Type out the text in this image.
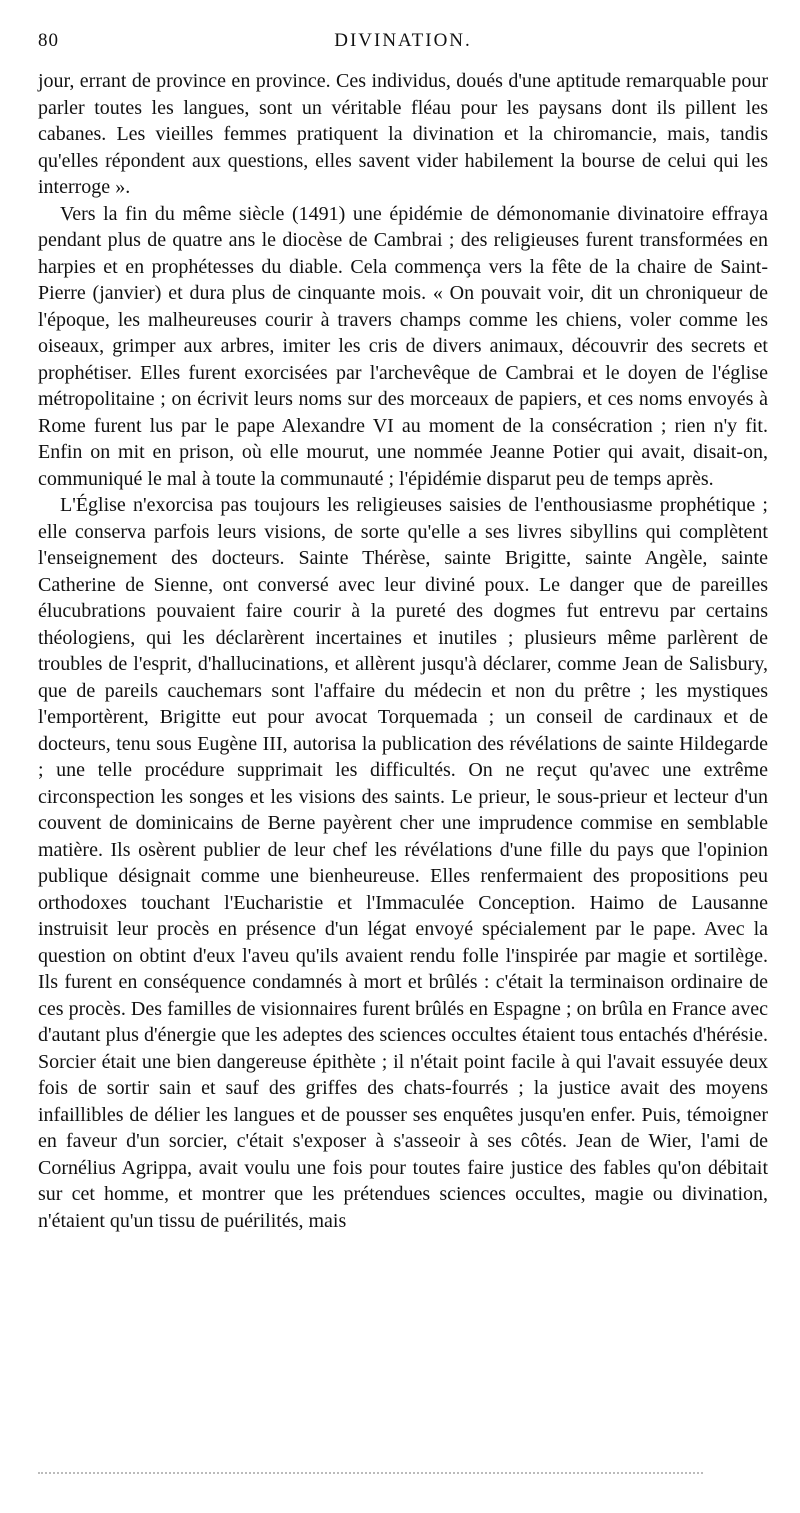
80	DIVINATION.

jour, errant de province en province. Ces individus, doués d'une aptitude remarquable pour parler toutes les langues, sont un véritable fléau pour les paysans dont ils pillent les cabanes. Les vieilles femmes pratiquent la divination et la chiromancie, mais, tandis qu'elles répondent aux questions, elles savent vider habilement la bourse de celui qui les interroge ».

Vers la fin du même siècle (1491) une épidémie de démonomanie divinatoire effraya pendant plus de quatre ans le diocèse de Cambrai ; des religieuses furent transformées en harpies et en prophétesses du diable. Cela commença vers la fête de la chaire de Saint-Pierre (janvier) et dura plus de cinquante mois. « On pouvait voir, dit un chroniqueur de l'époque, les malheureuses courir à travers champs comme les chiens, voler comme les oiseaux, grimper aux arbres, imiter les cris de divers animaux, découvrir des secrets et prophétiser. Elles furent exorcisées par l'archevêque de Cambrai et le doyen de l'église métropolitaine ; on écrivit leurs noms sur des morceaux de papiers, et ces noms envoyés à Rome furent lus par le pape Alexandre VI au moment de la consécration ; rien n'y fit. Enfin on mit en prison, où elle mourut, une nommée Jeanne Potier qui avait, disait-on, communiqué le mal à toute la communauté ; l'épidémie disparut peu de temps après.

L'Église n'exorcisa pas toujours les religieuses saisies de l'enthousiasme prophétique ; elle conserva parfois leurs visions, de sorte qu'elle a ses livres sibyllins qui complètent l'enseignement des docteurs. Sainte Thérèse, sainte Brigitte, sainte Angèle, sainte Catherine de Sienne, ont conversé avec leur diviné poux. Le danger que de pareilles élucubrations pouvaient faire courir à la pureté des dogmes fut entrevu par certains théologiens, qui les déclarèrent incertaines et inutiles ; plusieurs même parlèrent de troubles de l'esprit, d'hallucinations, et allèrent jusqu'à déclarer, comme Jean de Salisbury, que de pareils cauchemars sont l'affaire du médecin et non du prêtre ; les mystiques l'emportèrent, Brigitte eut pour avocat Torquemada ; un conseil de cardinaux et de docteurs, tenu sous Eugène III, autorisa la publication des révélations de sainte Hildegarde ; une telle procédure supprimait les difficultés. On ne reçut qu'avec une extrême circonspection les songes et les visions des saints. Le prieur, le sous-prieur et lecteur d'un couvent de dominicains de Berne payèrent cher une imprudence commise en semblable matière. Ils osèrent publier de leur chef les révélations d'une fille du pays que l'opinion publique désignait comme une bienheureuse. Elles renfermaient des propositions peu orthodoxes touchant l'Eucharistie et l'Immaculée Conception. Haimo de Lausanne instruisit leur procès en présence d'un légat envoyé spécialement par le pape. Avec la question on obtint d'eux l'aveu qu'ils avaient rendu folle l'inspirée par magie et sortilège. Ils furent en conséquence condamnés à mort et brûlés : c'était la terminaison ordinaire de ces procès. Des familles de visionnaires furent brûlés en Espagne ; on brûla en France avec d'autant plus d'énergie que les adeptes des sciences occultes étaient tous entachés d'hérésie. Sorcier était une bien dangereuse épithète ; il n'était point facile à qui l'avait essuyée deux fois de sortir sain et sauf des griffes des chats-fourrés ; la justice avait des moyens infaillibles de délier les langues et de pousser ses enquêtes jusqu'en enfer. Puis, témoigner en faveur d'un sorcier, c'était s'exposer à s'asseoir à ses côtés. Jean de Wier, l'ami de Cornélius Agrippa, avait voulu une fois pour toutes faire justice des fables qu'on débitait sur cet homme, et montrer que les prétendues sciences occultes, magie ou divination, n'étaient qu'un tissu de puérilités, mais
